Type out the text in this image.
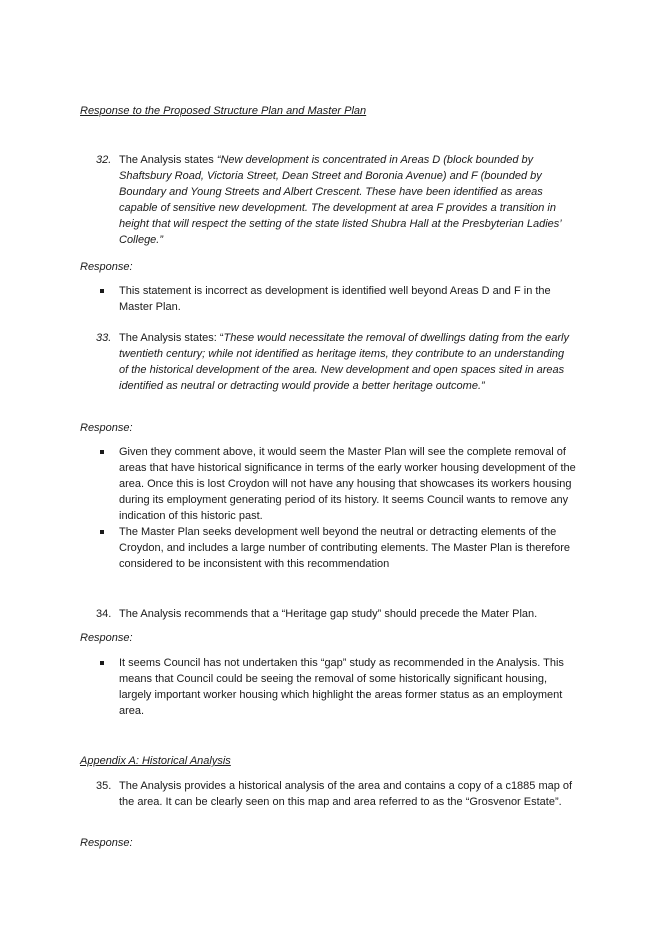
Response to the Proposed Structure Plan and Master Plan
32. The Analysis states “New development is concentrated in Areas D (block bounded by Shaftsbury Road, Victoria Street, Dean Street and Boronia Avenue) and F (bounded by Boundary and Young Streets and Albert Crescent. These have been identified as areas capable of sensitive new development. The development at area F provides a transition in height that will respect the setting of the state listed Shubra Hall at the Presbyterian Ladies’ College.”
Response:
This statement is incorrect as development is identified well beyond Areas D and F in the Master Plan.
33. The Analysis states: “These would necessitate the removal of dwellings dating from the early twentieth century; while not identified as heritage items, they contribute to an understanding of the historical development of the area. New development and open spaces sited in areas identified as neutral or detracting would provide a better heritage outcome.”
Response:
Given they comment above, it would seem the Master Plan will see the complete removal of areas that have historical significance in terms of the early worker housing development of the area. Once this is lost Croydon will not have any housing that showcases its workers housing during its employment generating period of its history. It seems Council wants to remove any indication of this historic past.
The Master Plan seeks development well beyond the neutral or detracting elements of the Croydon, and includes a large number of contributing elements. The Master Plan is therefore considered to be inconsistent with this recommendation
34. The Analysis recommends that a “Heritage gap study” should precede the Mater Plan.
Response:
It seems Council has not undertaken this “gap” study as recommended in the Analysis. This means that Council could be seeing the removal of some historically significant housing, largely important worker housing which highlight the areas former status as an employment area.
Appendix A: Historical Analysis
35. The Analysis provides a historical analysis of the area and contains a copy of a c1885 map of the area. It can be clearly seen on this map and area referred to as the “Grosvenor Estate”.
Response:
